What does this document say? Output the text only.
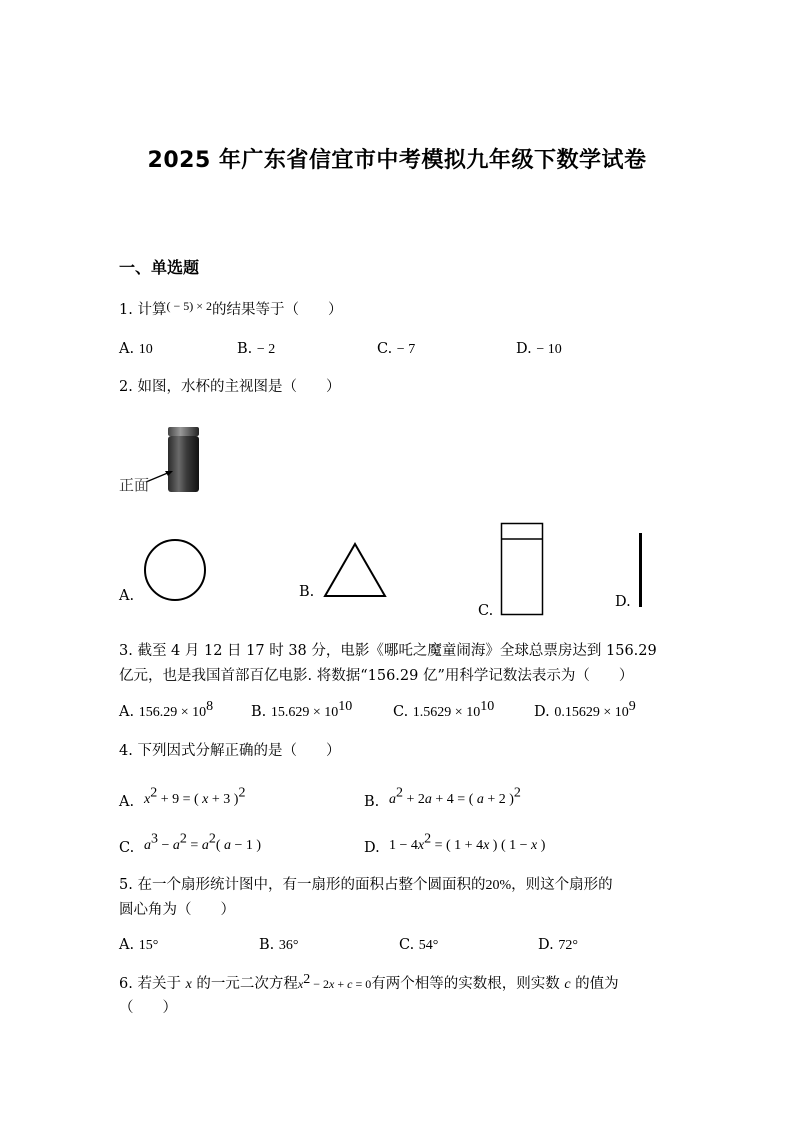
2025 年广东省信宜市中考模拟九年级下数学试卷
一、单选题
1. 计算$^{( - 5) \times 2}$的结果等于（　　）
A. 10	B. − 2	C. − 7	D. − 10
2. 如图，水杯的主视图是（　　）
正面
A.	B.
C.
D.
3. 截至 4 月 12 日 17 时 38 分，电影《哪吒之魔童闹海》全球总票房达到 156.29
亿元，也是我国首部百亿电影. 将数据“156.29 亿”用科学记数法表示为（　　）
A. $156.29 \times 10^8$	B. $15.629 \times 10^{10}$	C. $1.5629 \times 10^{10}$	D. $0.15629 \times 10^9$
4. 下列因式分解正确的是（　　）
A. $x^2 + 9$ = ( x + 3 )$^2$
B. $a^2 + 2a + 4$ = ( a + 2 )$^2$
C. $a^3 - a^2 = a^2$( a − 1 )	D. $1 - 4x^2$ = ( 1 + 4x ) ( 1 − x )
5. 在一个扇形统计图中，有一扇形的面积占整个圆面积的20%，则这个扇形的
圆心角为（　　）
A. 15°	B. 36°	C. 54°	D. 72°
6. 若关于 x 的一元二次方程$x^2 - 2x + c = 0$有两个相等的实数根，则实数 c 的值为
（　　）
